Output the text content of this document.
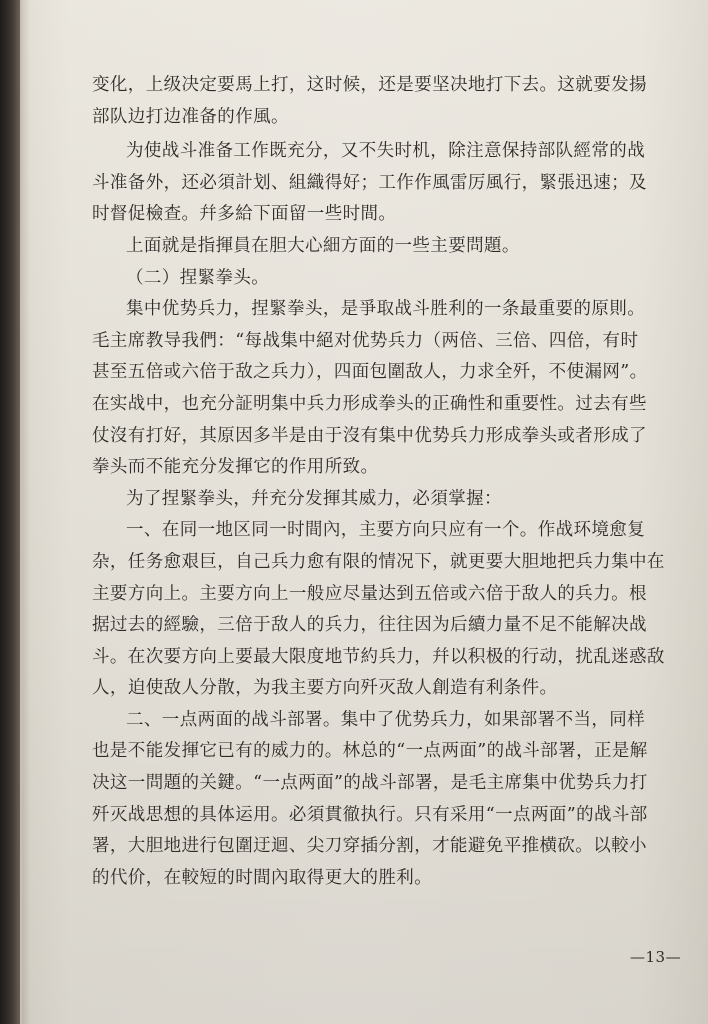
变化，上级决定要馬上打，这时候，还是要坚决地打下去。这就要发揚
部队边打边准备的作風。
为使战斗准备工作既充分，又不失时机，除注意保持部队經常的战
斗准备外，还必須計划、組織得好；工作作風雷厉風行，緊張迅速；及
时督促檢查。幷多給下面留一些时間。
上面就是指揮員在胆大心細方面的一些主要問題。
（二）捏緊拳头。
集中优势兵力，捏緊拳头，是爭取战斗胜利的一条最重要的原則。
毛主席教导我們：“每战集中絕对优势兵力（两倍、三倍、四倍，有时
甚至五倍或六倍于敌之兵力），四面包圍敌人，力求全歼，不使漏网”。
在实战中，也充分証明集中兵力形成拳头的正确性和重要性。过去有些
仗沒有打好，其原因多半是由于沒有集中优势兵力形成拳头或者形成了
拳头而不能充分发揮它的作用所致。
为了捏緊拳头，幷充分发揮其威力，必須掌握：
一、在同一地区同一时間內，主要方向只应有一个。作战环境愈复
杂，任务愈艰巨，自己兵力愈有限的情况下，就更要大胆地把兵力集中在
主要方向上。主要方向上一般应尽量达到五倍或六倍于敌人的兵力。根
据过去的經驗，三倍于敌人的兵力，往往因为后續力量不足不能解决战
斗。在次要方向上要最大限度地节約兵力，幷以积极的行动，扰乱迷惑敌
人，迫使敌人分散，为我主要方向歼灭敌人創造有利条件。
二、一点两面的战斗部署。集中了优势兵力，如果部署不当，同样
也是不能发揮它已有的威力的。林总的“一点两面”的战斗部署，正是解
决这一問題的关鍵。“一点两面”的战斗部署，是毛主席集中优势兵力打
歼灭战思想的具体运用。必須貫徹执行。只有采用“一点两面”的战斗部
署，大胆地进行包圍迂迴、尖刀穿插分割，才能避免平推横砍。以較小
的代价，在較短的时間內取得更大的胜利。
—13—
